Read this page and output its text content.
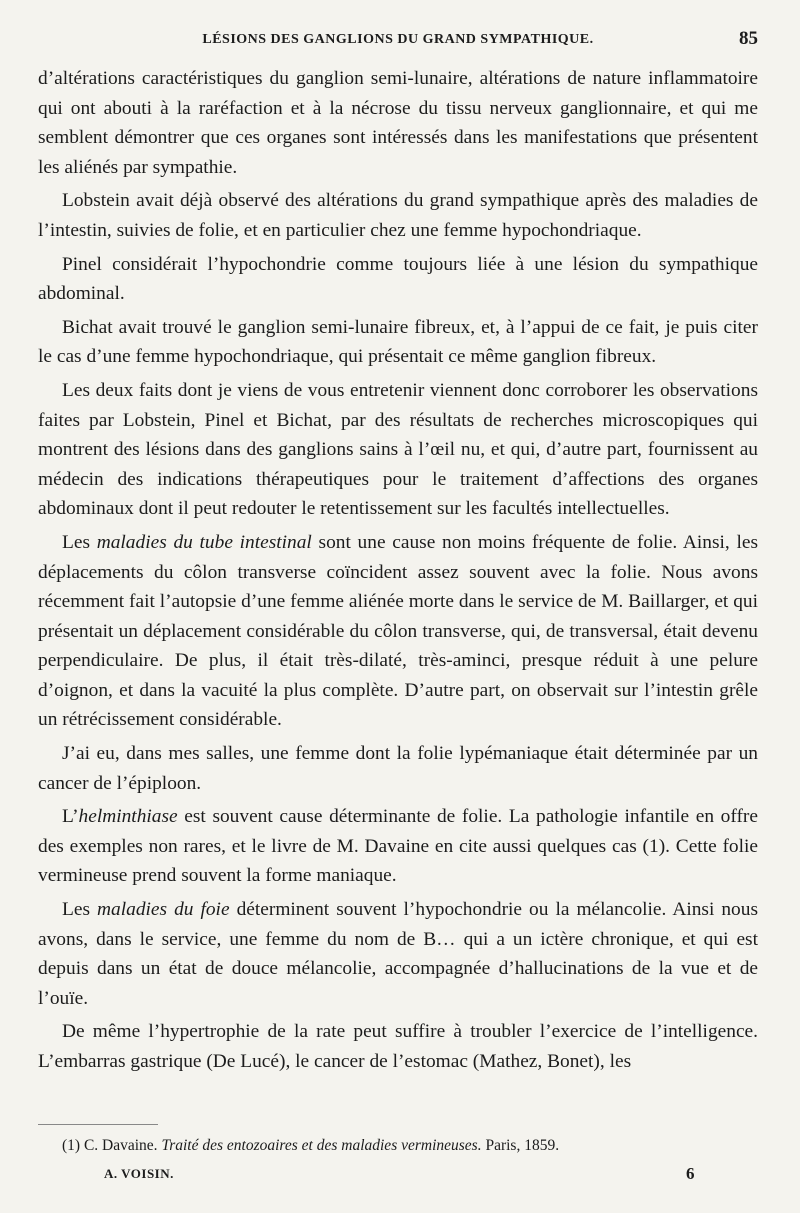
LÉSIONS DES GANGLIONS DU GRAND SYMPATHIQUE.	85

d’altérations caractéristiques du ganglion semi-lunaire, altérations de nature inflammatoire qui ont abouti à la raréfaction et à la nécrose du tissu nerveux ganglionnaire, et qui me semblent démontrer que ces organes sont intéressés dans les manifestations que présentent les aliénés par sympathie.

Lobstein avait déjà observé des altérations du grand sympathique après des maladies de l’intestin, suivies de folie, et en particulier chez une femme hypochondriaque.

Pinel considérait l’hypochondrie comme toujours liée à une lésion du sympathique abdominal.

Bichat avait trouvé le ganglion semi-lunaire fibreux, et, à l’appui de ce fait, je puis citer le cas d’une femme hypochondriaque, qui présentait ce même ganglion fibreux.

Les deux faits dont je viens de vous entretenir viennent donc corroborer les observations faites par Lobstein, Pinel et Bichat, par des résultats de recherches microscopiques qui montrent des lésions dans des ganglions sains à l’œil nu, et qui, d’autre part, fournissent au médecin des indications thérapeutiques pour le traitement d’affections des organes abdominaux dont il peut redouter le retentissement sur les facultés intellectuelles.

Les maladies du tube intestinal sont une cause non moins fréquente de folie. Ainsi, les déplacements du côlon transverse coïncident assez souvent avec la folie. Nous avons récemment fait l’autopsie d’une femme aliénée morte dans le service de M. Baillarger, et qui présentait un déplacement considérable du côlon transverse, qui, de transversal, était devenu perpendiculaire. De plus, il était très-dilaté, très-aminci, presque réduit à une pelure d’oignon, et dans la vacuité la plus complète. D’autre part, on observait sur l’intestin grêle un rétrécissement considérable.

J’ai eu, dans mes salles, une femme dont la folie lypémaniaque était déterminée par un cancer de l’épiploon.

L’helminthiase est souvent cause déterminante de folie. La pathologie infantile en offre des exemples non rares, et le livre de M. Davaine en cite aussi quelques cas (1). Cette folie vermineuse prend souvent la forme maniaque.

Les maladies du foie déterminent souvent l’hypochondrie ou la mélancolie. Ainsi nous avons, dans le service, une femme du nom de B… qui a un ictère chronique, et qui est depuis dans un état de douce mélancolie, accompagnée d’hallucinations de la vue et de l’ouïe.

De même l’hypertrophie de la rate peut suffire à troubler l’exercice de l’intelligence. L’embarras gastrique (De Lucé), le cancer de l’estomac (Mathez, Bonet), les

(1) C. Davaine. Traité des entozoaires et des maladies vermineuses. Paris, 1859.
A. VOISIN.	6
